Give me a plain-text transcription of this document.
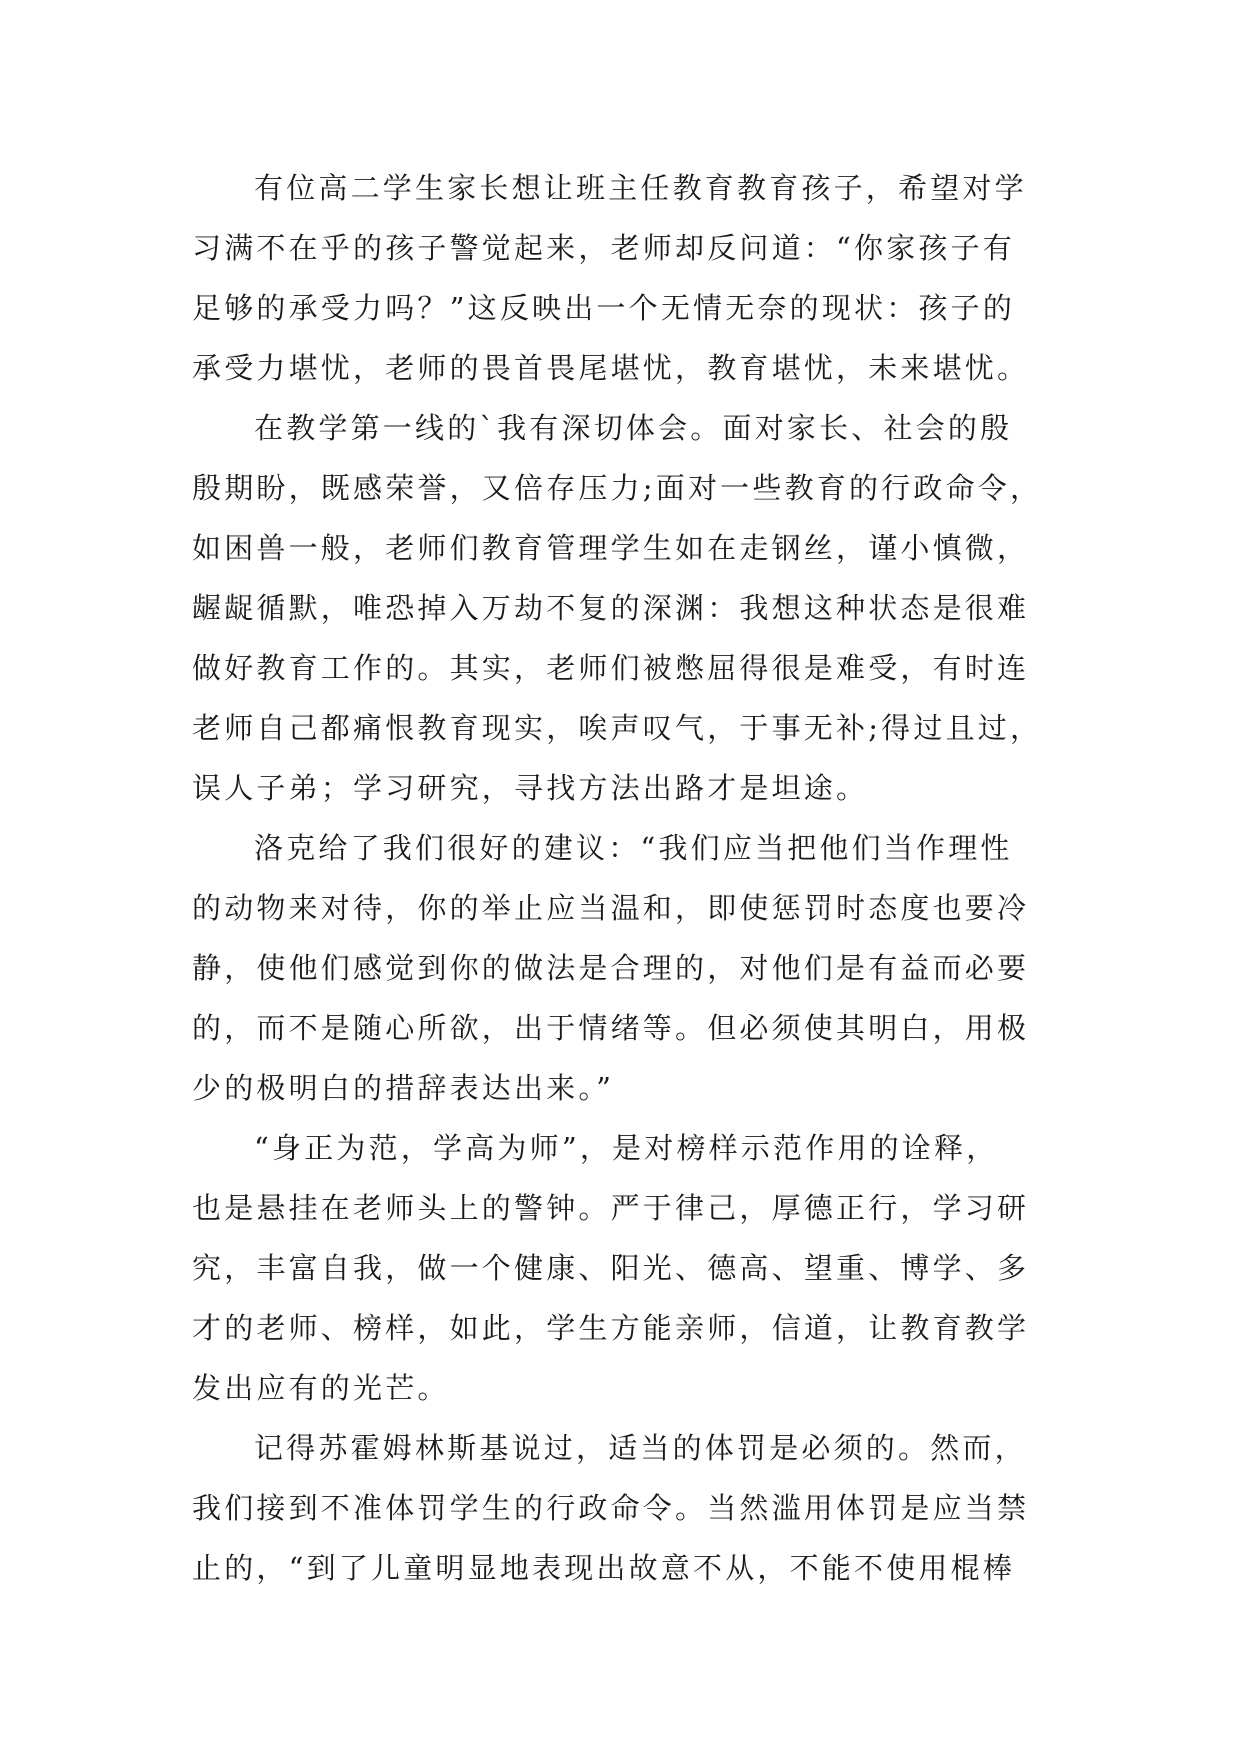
有位高二学生家长想让班主任教育教育孩子，希望对学
习满不在乎的孩子警觉起来，老师却反问道：“你家孩子有
足够的承受力吗？”这反映出一个无情无奈的现状：孩子的
承受力堪忧，老师的畏首畏尾堪忧，教育堪忧，未来堪忧。
在教学第一线的`我有深切体会。面对家长、社会的殷
殷期盼，既感荣誉，又倍存压力;面对一些教育的行政命令，
如困兽一般，老师们教育管理学生如在走钢丝，谨小慎微，
龌龊循默，唯恐掉入万劫不复的深渊：我想这种状态是很难
做好教育工作的。其实，老师们被憋屈得很是难受，有时连
老师自己都痛恨教育现实，唉声叹气，于事无补;得过且过，
误人子弟；学习研究，寻找方法出路才是坦途。
洛克给了我们很好的建议：“我们应当把他们当作理性
的动物来对待，你的举止应当温和，即使惩罚时态度也要冷
静，使他们感觉到你的做法是合理的，对他们是有益而必要
的，而不是随心所欲，出于情绪等。但必须使其明白，用极
少的极明白的措辞表达出来。”
“身正为范，学高为师”，是对榜样示范作用的诠释，
也是悬挂在老师头上的警钟。严于律己，厚德正行，学习研
究，丰富自我，做一个健康、阳光、德高、望重、博学、多
才的老师、榜样，如此，学生方能亲师，信道，让教育教学
发出应有的光芒。
记得苏霍姆林斯基说过，适当的体罚是必须的。然而，
我们接到不准体罚学生的行政命令。当然滥用体罚是应当禁
止的，“到了儿童明显地表现出故意不从，不能不使用棍棒
